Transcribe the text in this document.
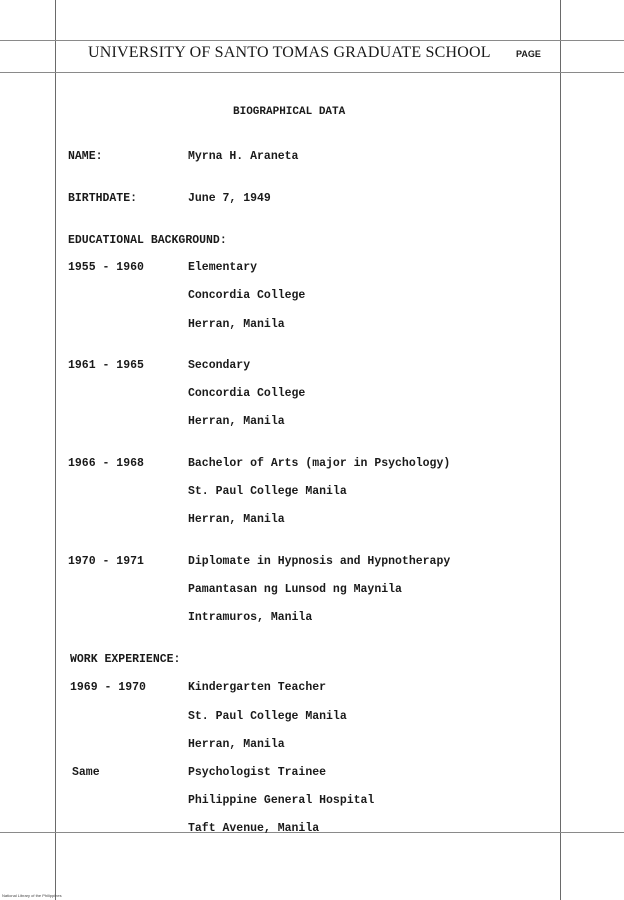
UNIVERSITY OF SANTO TOMAS GRADUATE SCHOOL	PAGE
BIOGRAPHICAL DATA
NAME:	Myrna H. Araneta
BIRTHDATE:	June 7, 1949
EDUCATIONAL BACKGROUND:
1955 - 1960	Elementary
Concordia College
Herran, Manila
1961 - 1965	Secondary
Concordia College
Herran, Manila
1966 - 1968	Bachelor of Arts (major in Psychology)
St. Paul College Manila
Herran, Manila
1970 - 1971	Diplomate in Hypnosis and Hypnotherapy
Pamantasan ng Lunsod ng Maynila
Intramuros, Manila
WORK EXPERIENCE:
1969 - 1970	Kindergarten Teacher
St. Paul College Manila
Herran, Manila
Same	Psychologist Trainee
Philippine General Hospital
Taft Avenue, Manila
National Library of the Philippines
